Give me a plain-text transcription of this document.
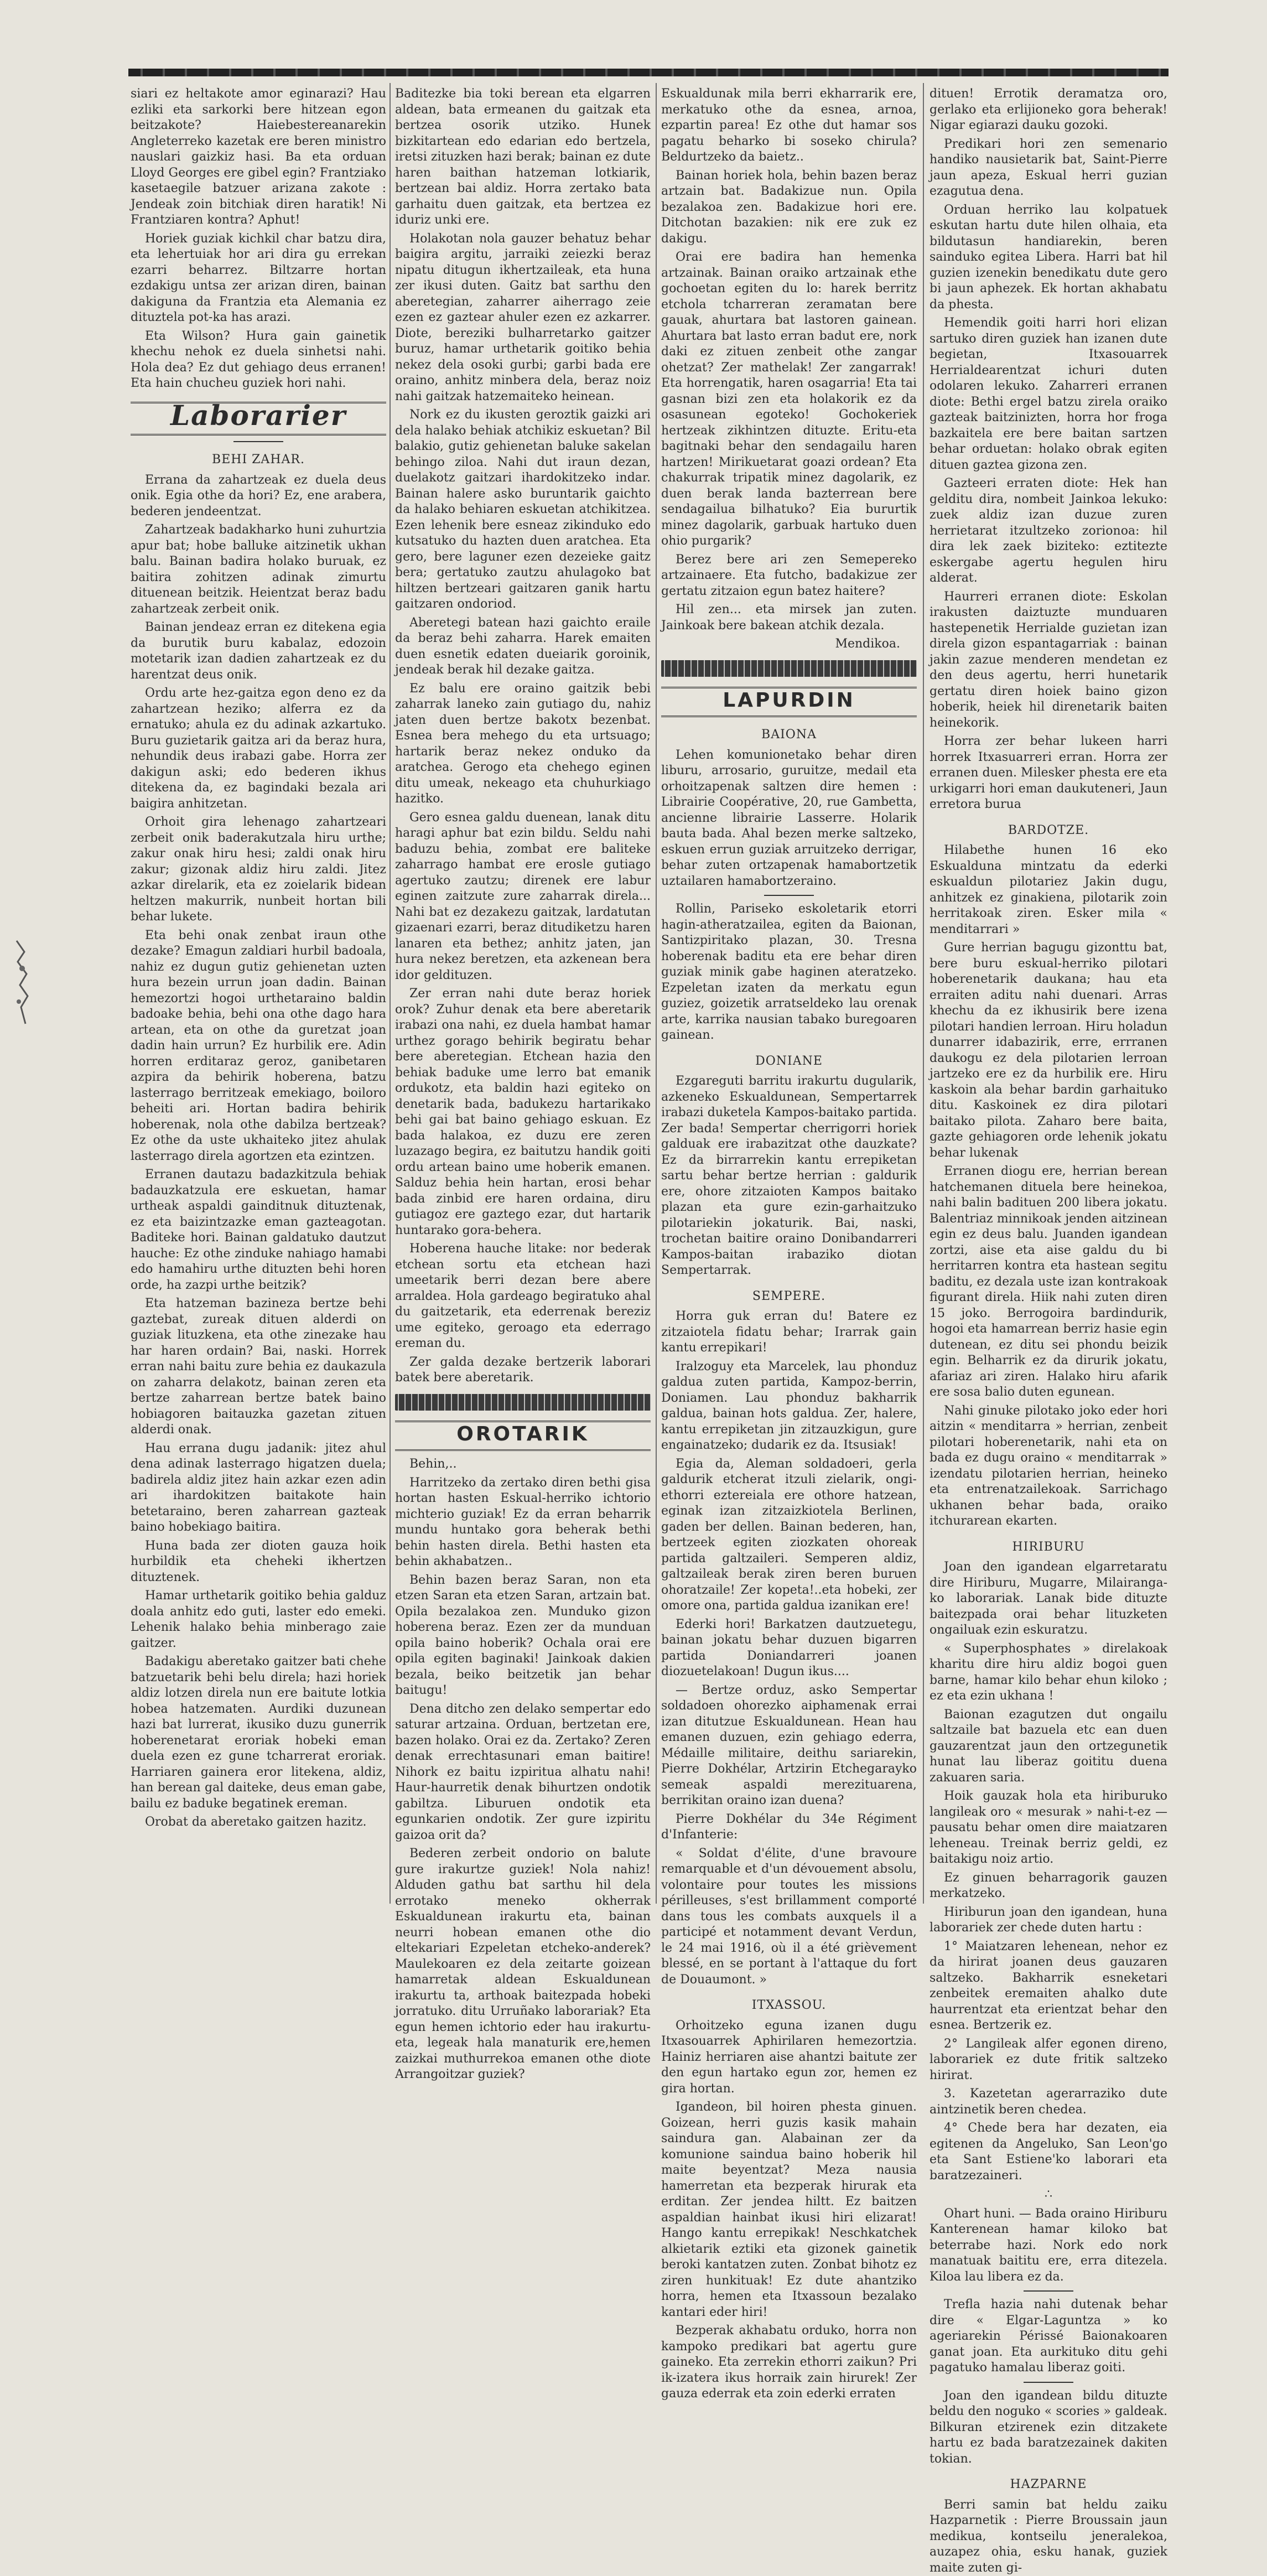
siari ez heltakote amor eginarazi? Hau ezliki eta sarkorki bere hitzean egon beitzakote? Haiebestereanarekin Angleterreko kazetak ere beren ministro nauslari gaizkiz hasi. Ba eta orduan Lloyd Georges ere gibel egin? Frantziako kasetaegile batzuer arizana zakote : Jendeak zoin bitchiak diren haratik! Ni Frantziaren kontra? Aphut!

Horiek guziak kichkil char batzu dira, eta lehertuiak hor ari dira gu errekan ezarri beharrez. Biltzarre hortan ezdakigu untsa zer arizan diren, bainan dakiguna da Frantzia eta Alemania ez dituztela pot-ka has arazi.

Eta Wilson? Hura gain gainetik khechu nehok ez duela sinhetsi nahi. Hola dea? Ez dut gehiago deus erranen! Eta hain chucheu guziek hori nahi.

Laborarier
BEHI ZAHAR.

Errana da zahartzeak ez duela deus onik. Egia othe da hori? Ez, ene arabera, bederen jendeentzat.

Zahartzeak badakharko huni zuhurtzia apur bat; hobe balluke aitzinetik ukhan balu. Bainan badira holako buruak, ez baitira zohitzen adinak zimurtu dituenean beitzik. Heientzat beraz badu zahartzeak zerbeit onik.

Bainan jendeaz erran ez ditekena egia da burutik buru kabalaz, edozoin motetarik izan dadien zahartzeak ez du harentzat deus onik.

Ordu arte hez-gaitza egon deno ez da zahartzean heziko; alferra ez da ernatuko; ahula ez du adinak azkartuko. Buru guzietarik gaitza ari da beraz hura, nehundik deus irabazi gabe. Horra zer dakigun aski; edo bederen ikhus ditekena da, ez bagindaki bezala ari baigira anhitzetan.

Orhoit gira lehenago zahartzeari zerbeit onik baderakutzala hiru urthe; zakur onak hiru hesi; zaldi onak hiru zakur; gizonak aldiz hiru zaldi. Jitez azkar direlarik, eta ez zoielarik bidean heltzen makurrik, nunbeit hortan bili behar lukete.

Eta behi onak zenbat iraun othe dezake? Emagun zaldiari hurbil badoala, nahiz ez dugun gutiz gehienetan uzten hura bezein urrun joan dadin. Bainan hemezortzi hogoi urthetaraino baldin badoake behia, behi ona othe dago hara artean, eta on othe da guretzat joan dadin hain urrun? Ez hurbilik ere. Adin horren erditaraz geroz, ganibetaren azpira da behirik hoberena, batzu lasterrago berritzeak emekiago, boiloro beheiti ari. Hortan badira behirik hoberenak, nola othe dabilza bertzeak? Ez othe da uste ukhaiteko jitez ahulak lasterrago direla agortzen eta ezintzen.

Erranen dautazu badazkitzula behiak badauzkatzula ere eskuetan, hamar urtheak aspaldi gainditnuk dituztenak, ez eta baizintzazke eman gazteagotan. Baditeke hori. Bainan galdatuko dautzut hauche: Ez othe zinduke nahiago hamabi edo hamahiru urthe dituzten behi horen orde, ha zazpi urthe beitzik?

Eta hatzeman bazineza bertze behi gaztebat, zureak dituen alderdi on guziak lituzkena, eta othe zinezake hau har haren ordain? Bai, naski. Horrek erran nahi baitu zure behia ez daukazula on zaharra delakotz, bainan zeren eta bertze zaharrean bertze batek baino hobiagoren baitauzka gazetan zituen alderdi onak.

Hau errana dugu jadanik: jitez ahul dena adinak lasterrago higatzen duela; badirela aldiz jitez hain azkar ezen adin ari ihardokitzen baitakote hain betetaraino, beren zaharrean gazteak baino hobekiago baitira.

Huna bada zer dioten gauza hoik hurbildik eta cheheki ikhertzen dituztenek.

Hamar urthetarik goitiko behia galduz doala anhitz edo guti, laster edo emeki. Lehenik halako behia minberago zaie gaitzer.

Badakigu aberetako gaitzer bati chehe batzuetarik behi belu direla; hazi horiek aldiz lotzen direla nun ere baitute lotkia hobea hatzematen. Aurdiki duzunean hazi bat lurrerat, ikusiko duzu gunerrik hoberenetarat eroriak hobeki eman duela ezen ez gune tcharrerat eroriak. Harriaren gainera eror litekena, aldiz, han berean gal daiteke, deus eman gabe, bailu ez baduke begatinek ereman.

Orobat da aberetako gaitzen hazitz.

Baditezke bia toki berean eta elgarren aldean, bata ermeanen du gaitzak eta bertzea osorik utziko. Hunek bizkitartean edo edarian edo bertzela, iretsi zituzken hazi berak; bainan ez dute haren baithan hatzeman lotkiarik, bertzean bai aldiz. Horra zertako bata garhaitu duen gaitzak, eta bertzea ez iduriz unki ere.

Holakotan nola gauzer behatuz behar baigira argitu, jarraiki zeiezki beraz nipatu ditugun ikhertzaileak, eta huna zer ikusi duten. Gaitz bat sarthu den aberetegian, zaharrer aiherrago zeie ezen ez gaztear ahuler ezen ez azkarrer. Diote, bereziki bulharretarko gaitzer buruz, hamar urthetarik goitiko behia nekez dela osoki gurbi; garbi bada ere oraino, anhitz minbera dela, beraz noiz nahi gaitzak hatzemaiteko heinean.

Nork ez du ikusten geroztik gaizki ari dela halako behiak atchikiz eskuetan? Bil balakio, gutiz gehienetan baluke sakelan behingo ziloa. Nahi dut iraun dezan, duelakotz gaitzari ihardokitzeko indar. Bainan halere asko buruntarik gaichto da halako behiaren eskuetan atchikitzea. Ezen lehenik bere esneaz zikinduko edo kutsatuko du hazten duen aratchea. Eta gero, bere laguner ezen dezeieke gaitz bera; gertatuko zautzu ahulagoko bat hiltzen bertzeari gaitzaren ganik hartu gaitzaren ondoriod.

Aberetegi batean hazi gaichto eraile da beraz behi zaharra. Harek emaiten duen esnetik edaten dueiarik goroinik, jendeak berak hil dezake gaitza.

Ez balu ere oraino gaitzik bebi zaharrak laneko zain gutiago du, nahiz jaten duen bertze bakotx bezenbat. Esnea bera mehego du eta urtsuago; hartarik beraz nekez onduko da aratchea. Gerogo eta chehego eginen ditu umeak, nekeago eta chuhurkiago hazitko.

Gero esnea galdu duenean, lanak ditu haragi aphur bat ezin bildu. Seldu nahi baduzu behia, zombat ere baliteke zaharrago hambat ere erosle gutiago agertuko zautzu; direnek ere labur eginen zaitzute zure zaharrak direla... Nahi bat ez dezakezu gaitzak, lardatutan gizaenari ezarri, beraz ditudiketzu haren lanaren eta bethez; anhitz jaten, jan hura nekez beretzen, eta azkenean bera idor geldituzen.

Zer erran nahi dute beraz horiek orok? Zuhur denak eta bere aberetarik irabazi ona nahi, ez duela hambat hamar urthez gorago behirik begiratu behar bere aberetegian. Etchean hazia den behiak baduke ume lerro bat emanik ordukotz, eta baldin hazi egiteko on denetarik bada, badukezu hartarikako behi gai bat baino gehiago eskuan. Ez bada halakoa, ez duzu ere zeren luzazago begira, ez baitutzu handik goiti ordu artean baino ume hoberik emanen. Salduz behia hein hartan, erosi behar bada zinbid ere haren ordaina, diru gutiagoz ere gaztego ezar, dut hartarik huntarako gora-behera.

Hoberena hauche litake: nor bederak etchean sortu eta etchean hazi umeetarik berri dezan bere abere arraldea. Hola gardeago begiratuko ahal du gaitzetarik, eta ederrenak bereziz ume egiteko, geroago eta ederrago ereman du.

Zer galda dezake bertzerik laborari batek bere aberetarik.

OROTARIK

Behin,..

Harritzeko da zertako diren bethi gisa hortan hasten Eskual-herriko ichtorio michterio guziak! Ez da erran beharrik mundu huntako gora beherak bethi behin hasten direla. Bethi hasten eta behin akhabatzen..

Behin bazen beraz Saran, non eta etzen Saran eta etzen Saran, artzain bat. Opila bezalakoa zen. Munduko gizon hoberena beraz. Ezen zer da munduan opila baino hoberik? Ochala orai ere opila egiten baginaki! Jainkoak dakien bezala, beiko beitzetik jan behar baitugu!

Dena ditcho zen delako sempertar edo saturar artzaina. Orduan, bertzetan ere, bazen holako. Orai ez da. Zertako? Zeren denak errechtasunari eman baitire! Nihork ez baitu izpiritua alhatu nahi! Haur-haurretik denak bihurtzen ondotik gabiltza. Liburuen ondotik eta egunkarien ondotik. Zer gure izpiritu gaizoa orit da?

Bederen zerbeit ondorio on balute gure irakurtze guziek! Nola nahiz! Alduden gathu bat sarthu hil dela errotako meneko okherrak Eskualdunean irakurtu eta, bainan neurri hobean emanen othe dio eltekariari Ezpeletan etcheko-anderek? Maulekoaren ez dela zeitarte goizean hamarretak aldean Eskualdunean irakurtu ta, arthoak baitezpada hobeki jorratuko. ditu Urruñako laborariak? Eta egun hemen ichtorio eder hau irakurtu-eta, legeak hala manaturik ere,hemen zaizkai muthurrekoa emanen othe diote Arrangoitzar guziek?

Eskualdunak mila berri ekharrarik ere, merkatuko othe da esnea, arnoa, ezpartin parea! Ez othe dut hamar sos pagatu beharko bi soseko chirula? Beldurtzeko da baietz..

Bainan horiek hola, behin bazen beraz artzain bat. Badakizue nun. Opila bezalakoa zen. Badakizue hori ere. Ditchotan bazakien: nik ere zuk ez dakigu.

Orai ere badira han hemenka artzainak. Bainan oraiko artzainak ethe gochoetan egiten du lo: harek berritz etchola tcharreran zeramatan bere gauak, ahurtara bat lastoren gainean. Ahurtara bat lasto erran badut ere, nork daki ez zituen zenbeit othe zangar ohetzat? Zer mathelak! Zer zangarrak! Eta horrengatik, haren osagarria! Eta tai gasnan bizi zen eta holakorik ez da osasunean egoteko! Gochokeriek hertzeak zikhintzen dituzte. Eritu-eta bagitnaki behar den sendagailu haren hartzen! Mirikuetarat goazi ordean? Eta chakurrak tripatik minez dagolarik, ez duen berak landa bazterrean bere sendagailua bilhatuko? Eia bururtik minez dagolarik, garbuak hartuko duen ohio purgarik?

Berez bere ari zen Semepereko artzainaere. Eta futcho, badakizue zer gertatu zitzaion egun batez haitere?

Hil zen... eta mirsek jan zuten. Jainkoak bere bakean atchik dezala.

Mendikoa.

LAPURDIN
BAIONA

Lehen komunionetako behar diren liburu, arrosario, guruitze, medail eta orhoitzapenak saltzen dire hemen : Librairie Coopérative, 20, rue Gambetta, ancienne librairie Lasserre. Holarik bauta bada. Ahal bezen merke saltzeko, eskuen errun guziak arruitzeko derrigar, behar zuten ortzapenak hamabortzetik uztailaren hamabortzeraino.

Rollin, Pariseko eskoletarik etorri hagin-atheratzailea, egiten da Baionan, Santizpiritako plazan, 30. Tresna hoberenak baditu eta ere behar diren guziak minik gabe haginen ateratzeko. Ezpeletan izaten da merkatu egun guziez, goizetik arratseldeko lau orenak arte, karrika nausian tabako buregoaren gainean.

DONIANE

Ezgareguti barritu irakurtu dugularik, azkeneko Eskualdunean, Sempertarrek irabazi duketela Kampos-baitako partida. Zer bada! Sempertar cherrigorri horiek galduak ere irabazitzat othe dauzkate? Ez da birrarrekin kantu errepiketan sartu behar bertze herrian : galdurik ere, ohore zitzaioten Kampos baitako plazan eta gure ezin-garhaitzuko pilotariekin jokaturik. Bai, naski, trochetan baitire oraino Donibandarreri Kampos-baitan irabaziko diotan Sempertarrak.

SEMPERE.

Horra guk erran du! Batere ez zitzaiotela fidatu behar; Irarrak gain kantu errepikari!

Iralzoguy eta Marcelek, lau phonduz galdua zuten partida, Kampoz-berrin, Doniamen. Lau phonduz bakharrik galdua, bainan hots galdua. Zer, halere, kantu errepiketan jin zitzauzkigun, gure engainatzeko; dudarik ez da. Itsusiak!

Egia da, Aleman soldadoeri, gerla galdurik etcherat itzuli zielarik, ongi-ethorri eztereiala ere othore hatzean, eginak izan zitzaizkiotela Berlinen, gaden ber dellen. Bainan bederen, han, bertzeek egiten ziozkaten ohoreak partida galtzaileri. Semperen aldiz, galtzaileak berak ziren beren buruen ohoratzaile! Zer kopeta!..eta hobeki, zer omore ona, partida galdua izanikan ere!

Ederki hori! Barkatzen dautzuetegu, bainan jokatu behar duzuen bigarren partida Doniandarreri joanen diozuetelakoan! Dugun ikus....

— Bertze orduz, asko Sempertar soldadoen ohorezko aiphamenak errai izan ditutzue Eskualdunean. Hean hau emanen duzuen, ezin gehiago ederra, Médaille militaire, deithu sariarekin, Pierre Dokhélar, Artzirin Etchegarayko semeak aspaldi merezituarena, berrikitan oraino izan duena?

Pierre Dokhélar du 34e Régiment d'Infanterie:

« Soldat d'élite, d'une bravoure remarquable et d'un dévouement absolu, volontaire pour toutes les missions périlleuses, s'est brillamment comporté dans tous les combats auxquels il a participé et notamment devant Verdun, le 24 mai 1916, où il a été grièvement blessé, en se portant à l'attaque du fort de Douaumont. »

ITXASSOU.

Orhoitzeko eguna izanen dugu Itxasouarrek Aphirilaren hemezortzia. Hainiz herriaren aise ahantzi baitute zer den egun hartako egun zor, hemen ez gira hortan.

Igandeon, bil hoiren phesta ginuen. Goizean, herri guzis kasik mahain saindura gan. Alabainan zer da komunione saindua baino hoberik hil maite beyentzat? Meza nausia hamerretan eta bezperak hirurak eta erditan. Zer jendea hiltt. Ez baitzen aspaldian hainbat ikusi hiri elizarat! Hango kantu errepikak! Neschkatchek alkietarik eztiki eta gizonek gainetik beroki kantatzen zuten. Zonbat bihotz ez ziren hunkituak! Ez dute ahantziko horra, hemen eta Itxassoun bezalako kantari eder hiri!

Bezperak akhabatu orduko, horra non kampoko predikari bat agertu gure gaineko. Eta zerrekin ethorri zaikun? Pri ik-izatera ikus horraik zain hirurek! Zer gauza ederrak eta zoin ederki erraten

dituen! Errotik deramatza oro, gerlako eta erlijioneko gora beherak! Nigar egiarazi dauku gozoki.

Predikari hori zen semenario handiko nausietarik bat, Saint-Pierre jaun apeza, Eskual herri guzian ezagutua dena.

Orduan herriko lau kolpatuek eskutan hartu dute hilen olhaia, eta bildutasun handiarekin, beren sainduko egitea Libera. Harri bat hil guzien izenekin benedikatu dute gero bi jaun aphezek. Ek hortan akhabatu da phesta.

Hemendik goiti harri hori elizan sartuko diren guziek han izanen dute begietan, Itxasouarrek Herrialdearentzat ichuri duten odolaren lekuko. Zaharreri erranen diote: Bethi ergel batzu zirela oraiko gazteak baitzinizten, horra hor froga bazkaitela ere bere baitan sartzen behar orduetan: holako obrak egiten dituen gaztea gizona zen.

Gazteeri erraten diote: Hek han gelditu dira, nombeit Jainkoa lekuko: zuek aldiz izan duzue zuren herrietarat itzultzeko zorionoa: hil dira lek zaek biziteko: eztitezte eskergabe agertu hegulen hiru alderat.

Haurreri erranen diote: Eskolan irakusten daiztuzte munduaren hastepenetik Herrialde guzietan izan direla gizon espantagarriak : bainan jakin zazue menderen mendetan ez den deus agertu, herri hunetarik gertatu diren hoiek baino gizon hoberik, heiek hil direnetarik baiten heinekorik.

Horra zer behar lukeen harri horrek Itxasuarreri erran. Horra zer erranen duen. Milesker phesta ere eta urkigarri hori eman daukuteneri, Jaun erretora burua

BARDOTZE.

Hilabethe hunen 16 eko Eskualduna mintzatu da ederki eskualdun pilotariez Jakin dugu, anhitzek ez ginakiena, pilotarik zoin herritakoak ziren. Esker mila « menditarrari »

Gure herrian bagugu gizonttu bat, bere buru eskual-herriko pilotari hoberenetarik daukana; hau eta erraiten aditu nahi duenari. Arras khechu da ez ikhusirik bere izena pilotari handien lerroan. Hiru holadun dunarrer idabazirik, erre, errranen daukogu ez dela pilotarien lerroan jartzeko ere ez da hurbilik ere. Hiru kaskoin ala behar bardin garhaituko ditu. Kaskoinek ez dira pilotari baitako pilota. Zaharo bere baita, gazte gehiagoren orde lehenik jokatu behar lukenak

Erranen diogu ere, herrian berean hatchemanen dituela bere heinekoa, nahi balin badituen 200 libera jokatu. Balentriaz minnikoak jenden aitzinean egin ez deus balu. Juanden igandean zortzi, aise eta aise galdu du bi herritarren kontra eta hastean segitu baditu, ez dezala uste izan kontrakoak figurant direla. Hiik nahi zuten diren 15 joko. Berrogoira bardindurik, hogoi eta hamarrean berriz hasie egin dutenean, ez ditu sei phondu beizik egin. Belharrik ez da dirurik jokatu, afariaz ari ziren. Halako hiru afarik ere sosa balio duten egunean.

Nahi ginuke pilotako joko eder hori aitzin « menditarra » herrian, zenbeit pilotari hoberenetarik, nahi eta on bada ez dugu oraino « menditarrak » izendatu pilotarien herrian, heineko eta entrenatzailekoak. Sarrichago ukhanen behar bada, oraiko itchurarean ekarten.

HIRIBURU

Joan den igandean elgarretaratu dire Hiriburu, Mugarre, Milairanga-ko laborariak. Lanak bide dituzte baitezpada orai behar lituzketen ongailuak ezin eskuratzu.

« Superphosphates » direlakoak kharitu dire hiru aldiz bogoi guen barne, hamar kilo behar ehun kiloko ; ez eta ezin ukhana !

Baionan ezagutzen dut ongailu saltzaile bat bazuela etc ean duen gauzarentzat jaun den ortzegunetik hunat lau liberaz goititu duena zakuaren saria.

Hoik gauzak hola eta hiriburuko langileak oro « mesurak » nahi-t-ez — pausatu behar omen dire maiatzaren leheneau. Treinak berriz geldi, ez baitakigu noiz artio.

Ez ginuen beharragorik gauzen merkatzeko.

Hiriburun joan den igandean, huna laborariek zer chede duten hartu :

1° Maiatzaren lehenean, nehor ez da hirirat joanen deus gauzaren saltzeko. Bakharrik esneketari zenbeitek eremaiten ahalko dute haurrentzat eta erientzat behar den esnea. Bertzerik ez.

2° Langileak alfer egonen direno, laborariek ez dute fritik saltzeko hirirat.

3. Kazetetan agerarraziko dute aintzinetik beren chedea.

4° Chede bera har dezaten, eia egitenen da Angeluko, San Leon'go eta Sant Estiene'ko laborari eta baratzezaineri.

∴

Ohart huni. — Bada oraino Hiriburu Kanterenean hamar kiloko bat beterrabe hazi. Nork edo nork manatuak baititu ere, erra ditezela. Kiloa lau libera ez da.

Trefla hazia nahi dutenak behar dire « Elgar-Laguntza » ko ageriarekin Périssé Baionakoaren ganat joan. Eta aurkituko ditu gehi pagatuko hamalau liberaz goiti.

Joan den igandean bildu dituzte beldu den noguko « scories » galdeak. Bilkuran etzirenek ezin ditzakete hartu ez bada baratzezainek dakiten tokian.

HAZPARNE

Berri samin bat heldu zaiku Hazparnetik : Pierre Broussain jaun medikua, kontseilu jeneralekoa, auzapez ohia, esku hanak, guziek maite zuten gi-
